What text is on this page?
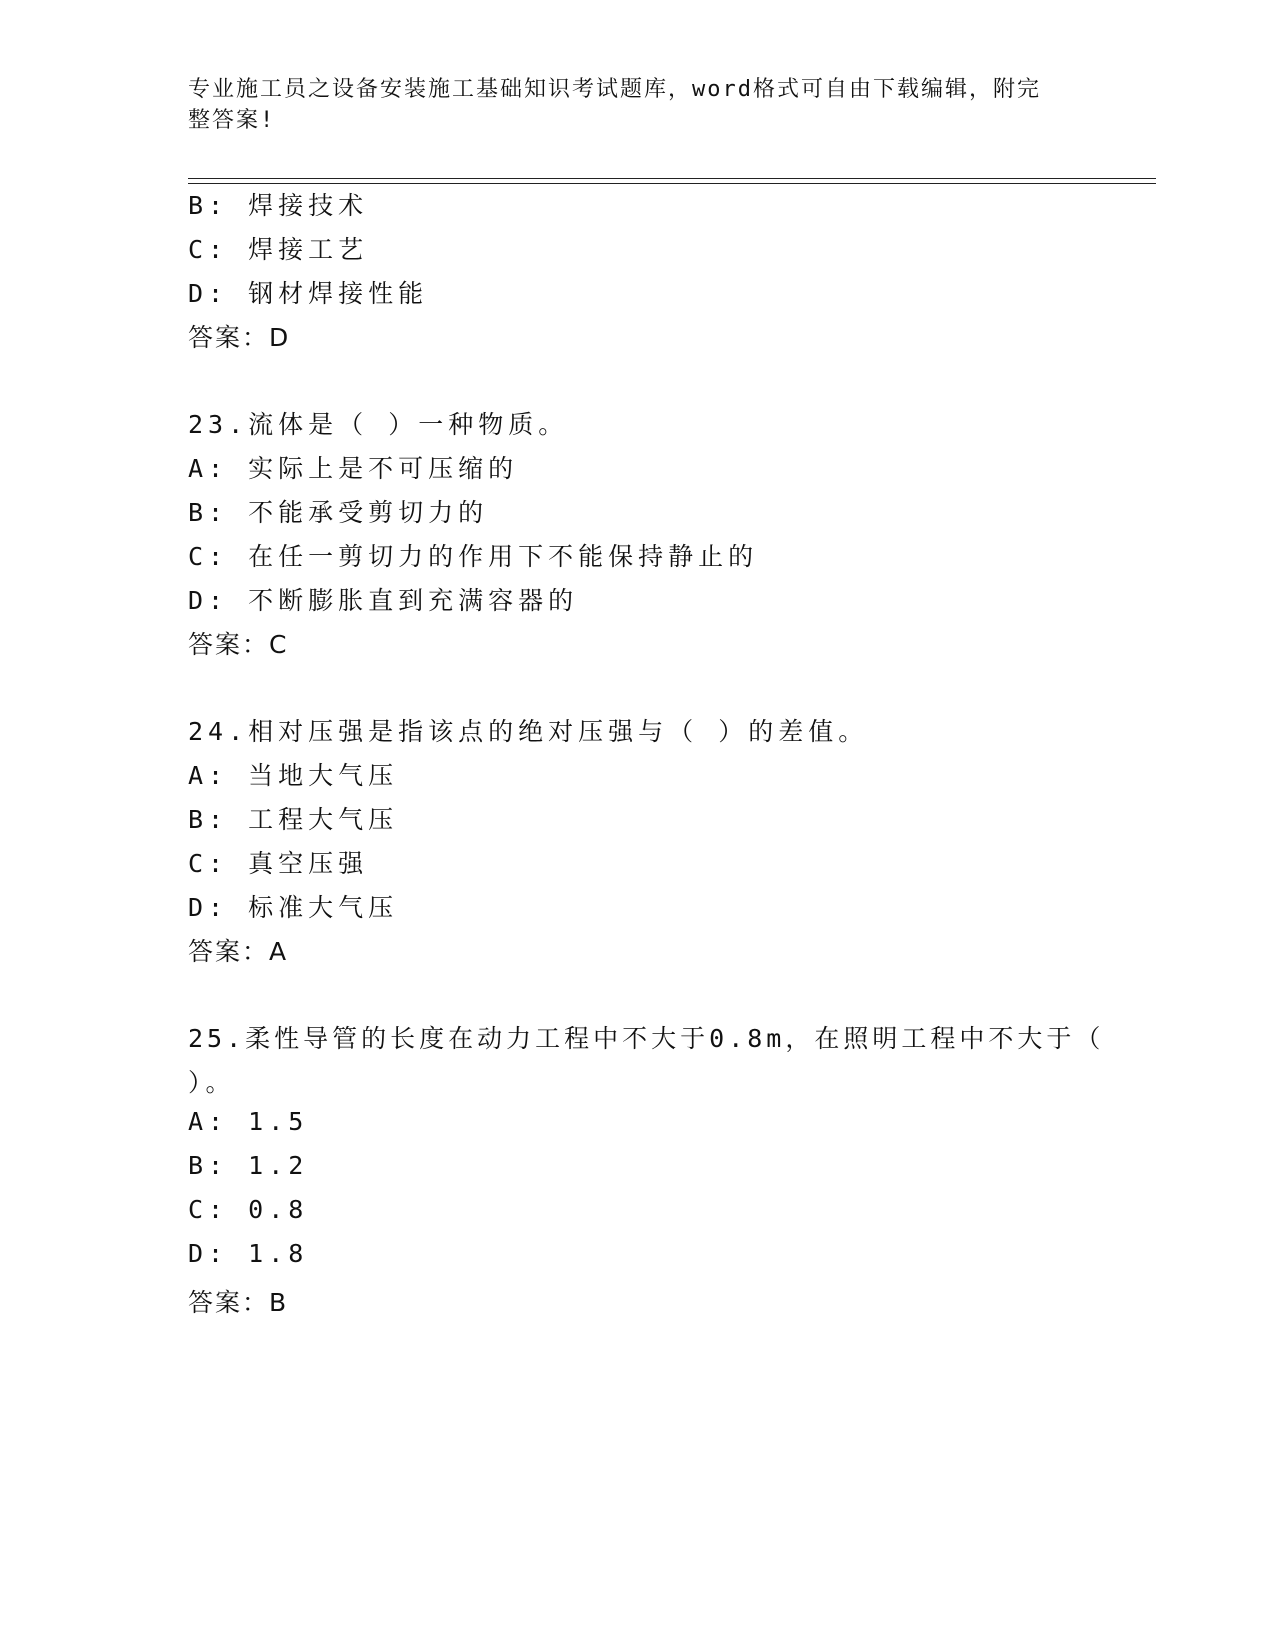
专业施工员之设备安装施工基础知识考试题库，word格式可自由下载编辑，附完
整答案!
B: 焊接技术
C: 焊接工艺
D: 钢材焊接性能
答案：D
23.流体是（ ）一种物质。
A: 实际上是不可压缩的
B: 不能承受剪切力的
C: 在任一剪切力的作用下不能保持静止的
D: 不断膨胀直到充满容器的
答案：C
24.相对压强是指该点的绝对压强与（ ）的差值。
A: 当地大气压
B: 工程大气压
C: 真空压强
D: 标准大气压
答案：A
25.柔性导管的长度在动力工程中不大于0.8m，在照明工程中不大于（
）。
A: 1.5
B: 1.2
C: 0.8
D: 1.8
答案：B
